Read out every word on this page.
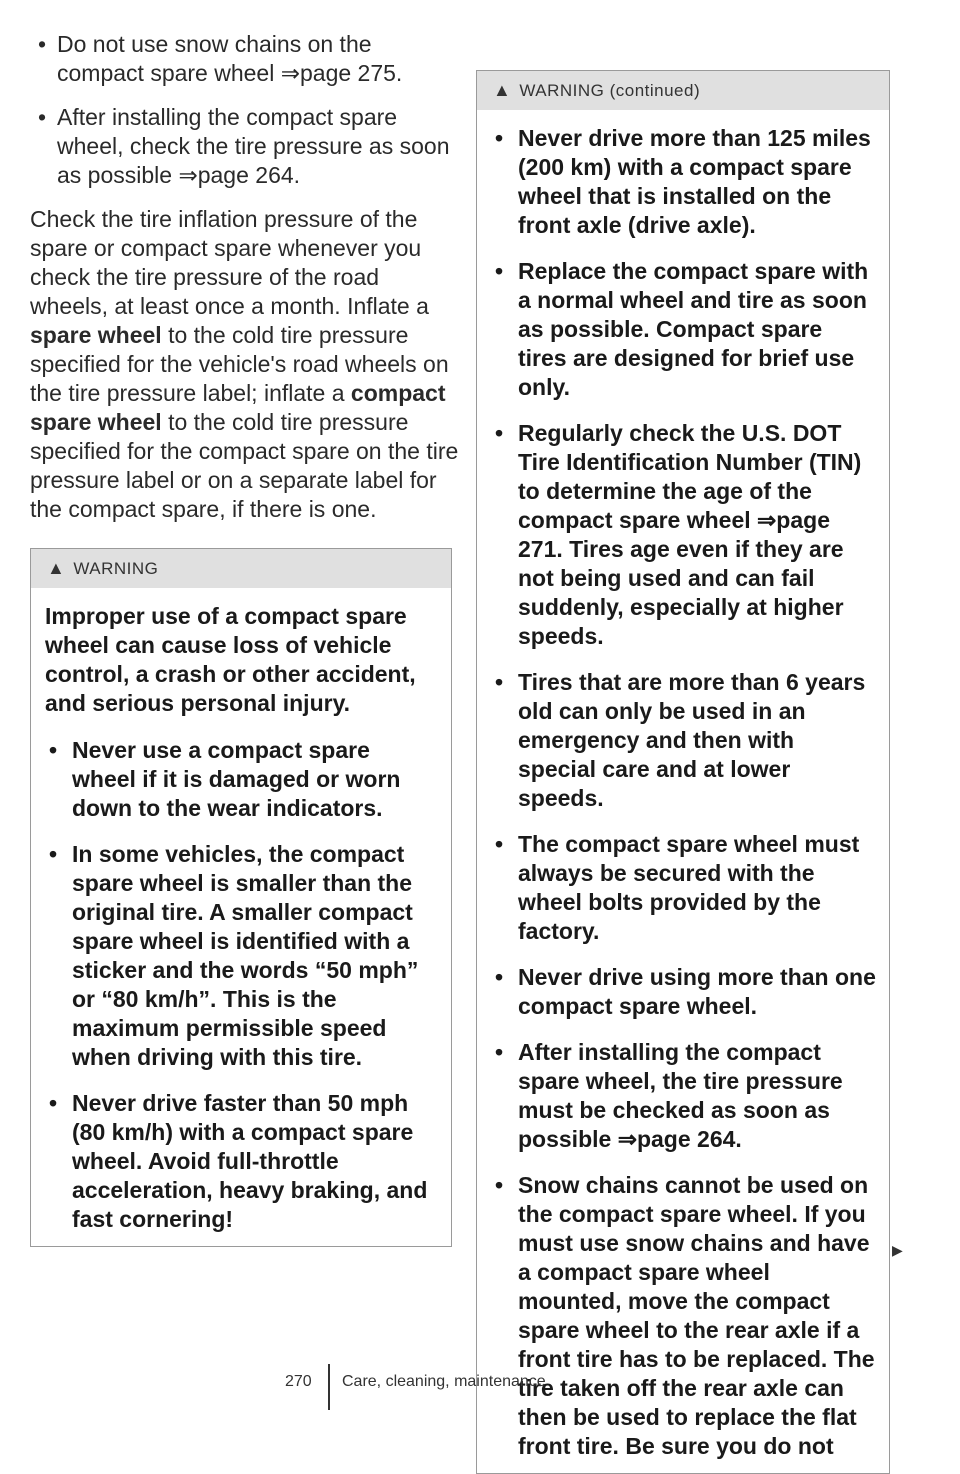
• Do not use snow chains on the compact spare wheel ⇒page 275.

• After installing the compact spare wheel, check the tire pressure as soon as possible ⇒page 264.

Check the tire inflation pressure of the spare or compact spare whenever you check the tire pressure of the road wheels, at least once a month. Inflate a spare wheel to the cold tire pressure specified for the vehicle's road wheels on the tire pressure label; inflate a compact spare wheel to the cold tire pressure specified for the compact spare on the tire pressure label or on a separate label for the compact spare, if there is one.

▲ WARNING

Improper use of a compact spare wheel can cause loss of vehicle control, a crash or other accident, and serious personal injury.

• Never use a compact spare wheel if it is damaged or worn down to the wear indicators.

• In some vehicles, the compact spare wheel is smaller than the original tire. A smaller compact spare wheel is identified with a sticker and the words “50 mph” or “80 km/h”. This is the maximum permissible speed when driving with this tire.

• Never drive faster than 50 mph (80 km/h) with a compact spare wheel. Avoid full-throttle acceleration, heavy braking, and fast cornering!

▲ WARNING (continued)

• Never drive more than 125 miles (200 km) with a compact spare wheel that is installed on the front axle (drive axle).

• Replace the compact spare with a normal wheel and tire as soon as possible. Compact spare tires are designed for brief use only.

• Regularly check the U.S. DOT Tire Identification Number (TIN) to determine the age of the compact spare wheel ⇒page 271. Tires age even if they are not being used and can fail suddenly, especially at higher speeds.

• Tires that are more than 6 years old can only be used in an emergency and then with special care and at lower speeds.

• The compact spare wheel must always be secured with the wheel bolts provided by the factory.

• Never drive using more than one compact spare wheel.

• After installing the compact spare wheel, the tire pressure must be checked as soon as possible ⇒page 264.

• Snow chains cannot be used on the compact spare wheel. If you must use snow chains and have a compact spare wheel mounted, move the compact spare wheel to the rear axle if a front tire has to be replaced. The tire taken off the rear axle can then be used to replace the flat front tire. Be sure you do not

▶
270 Care, cleaning, maintenance
